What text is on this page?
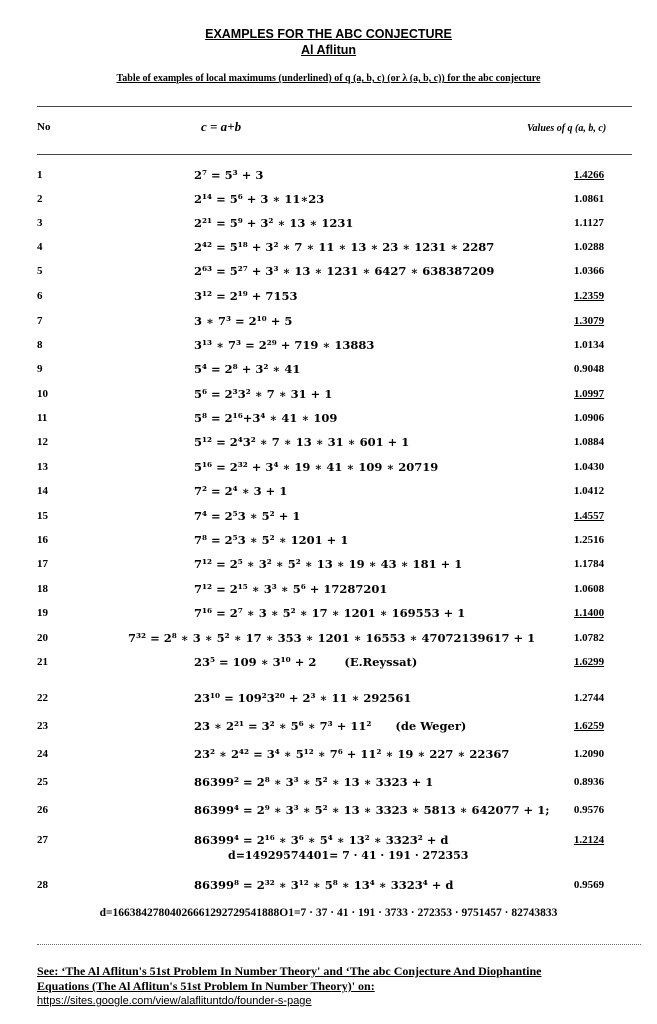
EXAMPLES FOR THE ABC CONJECTURE
Al Aflitun
Table of examples of local maximums (underlined) of q (a, b, c) (or λ (a, b, c)) for the abc conjecture
No	c = a+b	Values of q (a, b, c)
1	2⁷ = 5³ + 3	1.4266
2	2¹⁴ = 5⁶ + 3 ∗ 11∗23	1.0861
3	2²¹ = 5⁹ + 3² ∗ 13 ∗ 1231	1.1127
4	2⁴² = 5¹⁸ + 3² ∗ 7 ∗ 11 ∗ 13 ∗ 23 ∗ 1231 ∗ 2287	1.0288
5	2⁶³ = 5²⁷ + 3³ ∗ 13 ∗ 1231 ∗ 6427 ∗ 638387209	1.0366
6	3¹² = 2¹⁹ + 7153	1.2359
7	3 ∗ 7³ = 2¹⁰ + 5	1.3079
8	3¹³ ∗ 7³ = 2²⁹ + 719 ∗ 13883	1.0134
9	5⁴ = 2⁸ + 3² ∗ 41	0.9048
10	5⁶ = 2³3² ∗ 7 ∗ 31 + 1	1.0997
11	5⁸ = 2¹⁶+3⁴ ∗ 41 ∗ 109	1.0906
12	5¹² = 2⁴3² ∗ 7 ∗ 13 ∗ 31 ∗ 601 + 1	1.0884
13	5¹⁶ = 2³² + 3⁴ ∗ 19 ∗ 41 ∗ 109 ∗ 20719	1.0430
14	7² = 2⁴ ∗ 3 + 1	1.0412
15	7⁴ = 2⁵3 ∗ 5² + 1	1.4557
16	7⁸ = 2⁵3 ∗ 5² ∗ 1201 + 1	1.2516
17	7¹² = 2⁵ ∗ 3² ∗ 5² ∗ 13 ∗ 19 ∗ 43 ∗ 181 + 1	1.1784
18	7¹² = 2¹⁵ ∗ 3³ ∗ 5⁶ + 17287201	1.0608
19	7¹⁶ = 2⁷ ∗ 3 ∗ 5² ∗ 17 ∗ 1201 ∗ 169553 + 1	1.1400
20	7³² = 2⁸ ∗ 3 ∗ 5² ∗ 17 ∗ 353 ∗ 1201 ∗ 16553 ∗ 47072139617 + 1	1.0782
21	23⁵ = 109 ∗ 3¹⁰ + 2       (E.Reyssat)	1.6299
22	23¹⁰ = 109²3²⁰ + 2³ ∗ 11 ∗ 292561	1.2744
23	23 ∗ 2²¹ = 3² ∗ 5⁶ ∗ 7³ + 11²      (de Weger)	1.6259
24	23² ∗ 2⁴² = 3⁴ ∗ 5¹² ∗ 7⁶ + 11² ∗ 19 ∗ 227 ∗ 22367	1.2090
25	86399² = 2⁸ ∗ 3³ ∗ 5² ∗ 13 ∗ 3323 + 1	0.8936
26	86399⁴ = 2⁹ ∗ 3³ ∗ 5² ∗ 13 ∗ 3323 ∗ 5813 ∗ 642077 + 1;	0.9576
27	86399⁴ = 2¹⁶ ∗ 3⁶ ∗ 5⁴ ∗ 13² ∗ 3323² + d	1.2124
28	86399⁸ = 2³² ∗ 3¹² ∗ 5⁸ ∗ 13⁴ ∗ 3323⁴ + d	0.9569
d=14929574401= 7 · 41 · 191 · 272353
d=16638427804026661292729541888O1=7 · 37 · 41 · 191 · 3733 · 272353 · 9751457 · 82743833
See: ‘The Al Aflitun's 51st Problem In Number Theory' and ‘The abc Conjecture And Diophantine
Equations (The Al Aflitun's 51st Problem In Number Theory)' on:
https://sites.google.com/view/alaflituntdo/founder-s-page
